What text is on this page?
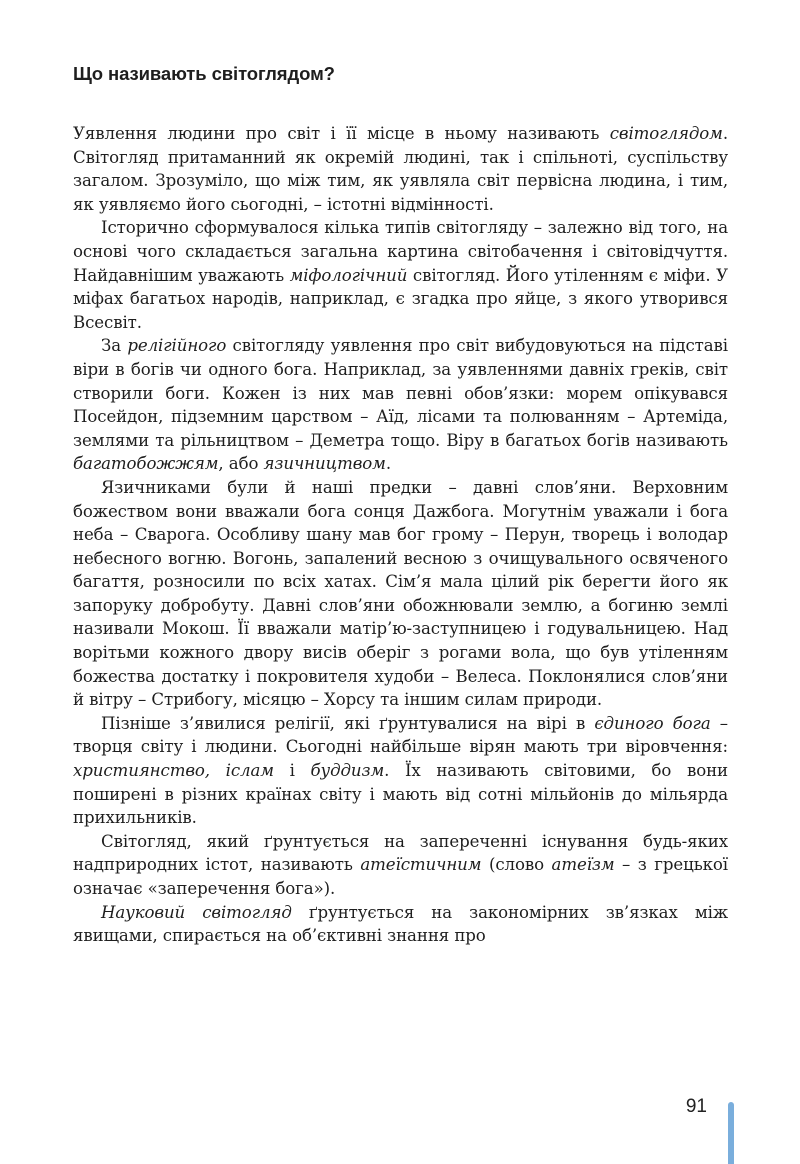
Що називають світоглядом?

Уявлення людини про світ і її місце в ньому називають світоглядом. Світогляд притаманний як окремій людині, так і спільноті, суспільству загалом. Зрозуміло, що між тим, як уявляла світ первісна людина, і тим, як уявляємо його сьогодні, – істотні відмінності.

Історично сформувалося кілька типів світогляду – залежно від того, на основі чого складається загальна картина світобачення і світовідчуття. Найдавнішим уважають міфологічний світогляд. Його утіленням є міфи. У міфах багатьох народів, наприклад, є згадка про яйце, з якого утворився Всесвіт.

За релігійного світогляду уявлення про світ вибудовуються на підставі віри в богів чи одного бога. Наприклад, за уявленнями давніх греків, світ створили боги. Кожен із них мав певні обов’язки: морем опікувався Посейдон, підземним царством – Аїд, лісами та полюванням – Артеміда, землями та рільництвом – Деметра тощо. Віру в багатьох богів називають багатобожжям, або язичництвом.

Язичниками були й наші предки – давні слов’яни. Верховним божеством вони вважали бога сонця Дажбога. Могутнім уважали і бога неба – Сварога. Особливу шану мав бог грому – Перун, творець і володар небесного вогню. Вогонь, запалений весною з очищувального освяченого багаття, розносили по всіх хатах. Сім’я мала цілий рік берегти його як запоруку добробуту. Давні слов’яни обожнювали землю, а богиню землі називали Мокош. Її вважали матір’ю-заступницею і годувальницею. Над ворітьми кожного двору висів оберіг з рогами вола, що був утіленням божества достатку і покровителя худоби – Велеса. Поклонялися слов’яни й вітру – Стрибогу, місяцю – Хорсу та іншим силам природи.

Пізніше з’явилися релігії, які ґрунтувалися на вірі в єдиного бога – творця світу і людини. Сьогодні найбільше вірян мають три віровчення: християнство, іслам і буддизм. Їх називають світовими, бо вони поширені в різних країнах світу і мають від сотні мільйонів до мільярда прихильників.

Світогляд, який ґрунтується на запереченні існування будь-яких надприродних істот, називають атеїстичним (слово атеїзм – з грецької означає «заперечення бога»).

Науковий світогляд ґрунтується на закономірних зв’язках між явищами, спирається на об’єктивні знання про

91
